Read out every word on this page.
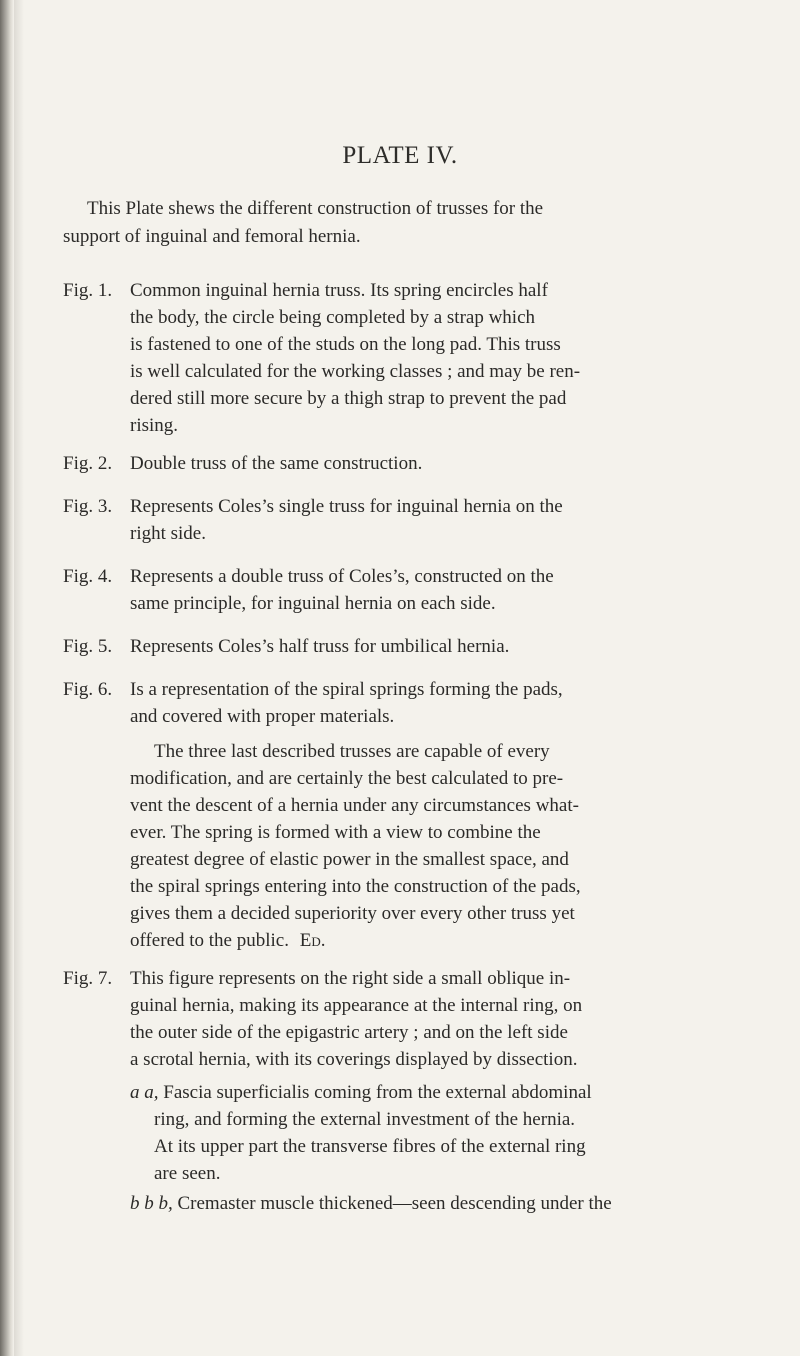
PLATE IV.
This Plate shews the different construction of trusses for the
support of inguinal and femoral hernia.
Fig. 1. Common inguinal hernia truss. Its spring encircles half
the body, the circle being completed by a strap which
is fastened to one of the studs on the long pad. This truss
is well calculated for the working classes ; and may be ren-
dered still more secure by a thigh strap to prevent the pad
rising.
Fig. 2. Double truss of the same construction.
Fig. 3. Represents Coles’s single truss for inguinal hernia on the
right side.
Fig. 4. Represents a double truss of Coles’s, constructed on the
same principle, for inguinal hernia on each side.
Fig. 5. Represents Coles’s half truss for umbilical hernia.
Fig. 6. Is a representation of the spiral springs forming the pads,
and covered with proper materials.
The three last described trusses are capable of every
modification, and are certainly the best calculated to pre-
vent the descent of a hernia under any circumstances what-
ever. The spring is formed with a view to combine the
greatest degree of elastic power in the smallest space, and
the spiral springs entering into the construction of the pads,
gives them a decided superiority over every other truss yet
offered to the public. Ed.
Fig. 7. This figure represents on the right side a small oblique in-
guinal hernia, making its appearance at the internal ring, on
the outer side of the epigastric artery ; and on the left side
a scrotal hernia, with its coverings displayed by dissection.
a a, Fascia superficialis coming from the external abdominal
ring, and forming the external investment of the hernia.
At its upper part the transverse fibres of the external ring
are seen.
b b b, Cremaster muscle thickened—seen descending under the
